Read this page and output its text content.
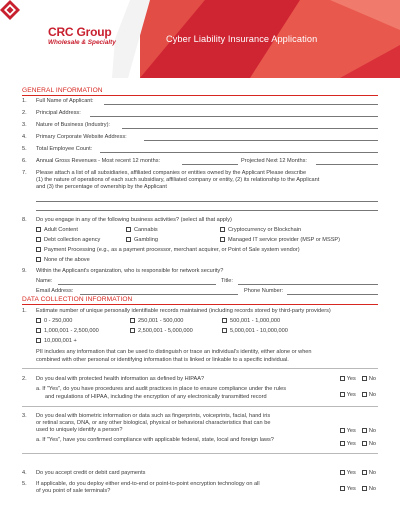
CRC Group
Wholesale & Specialty	Cyber Liability Insurance Application
GENERAL INFORMATION
1.	Full Name of Applicant:
2.	Principal Address:
3.	Nature of Business (Industry):
4.	Primary Corporate Website Address:
5.	Total Employee Count:
6.	Annual Gross Revenues - Most recent 12 months:	Projected Next 12 Months:
7.	Please attach a list of all subsidiaries, affiliated companies or entities owned by the Applicant Please describe
(1) the nature of operations of each such subsidiary, affiliated company or entity, (2) its relationship to the Applicant
and (3) the percentage of ownership by the Applicant
8.	Do you engage in any of the following business activities? (select all that apply)
Adult Content	Cannabis	Cryptocurrency or Blockchain
Debt collection agency	Gambling	Managed IT service provider (MSP or MSSP)
Payment Processing (e.g., as a payment processor, merchant acquirer, or Point of Sale system vendor)
None of the above
9.	Within the Applicant's organization, who is responsible for network security?
Name:	Title:
Email Address:	Phone Number:
DATA COLLECTION INFORMATION
1.	Estimate number of unique personally identifiable records maintained (including records stored by third-party providers)
0 - 250,000	250,001 - 500,000	500,001 - 1,000,000
1,000,001 - 2,500,000	2,500,001 - 5,000,000	5,000,001 - 10,000,000
10,000,001 +
PII includes any information that can be used to distinguish or trace an individual's identity, either alone or when
combined with other personal or identifying information that is linked or linkable to a specific individual.
2.	Do you deal with protected health information as defined by HIPAA?	Yes No
a. If "Yes", do you have procedures and audit practices in place to ensure compliance under the rules
and regulations of HIPAA, including the encryption of any electronically transmitted record	Yes No
3.	Do you deal with biometric information or data such as fingerprints, voiceprints, facial, hand iris
or retinal scans, DNA, or any other biological, physical or behavioral characteristics that can be
used to uniquely identify a person?	Yes No
a. If "Yes", have you confirmed compliance with applicable federal, state, local and foreign laws?
Yes No
4.	Do you accept credit or debit card payments	Yes No
5.	If applicable, do you deploy either end-to-end or point-to-point encryption technology on all
of you point of sale terminals?	Yes No
